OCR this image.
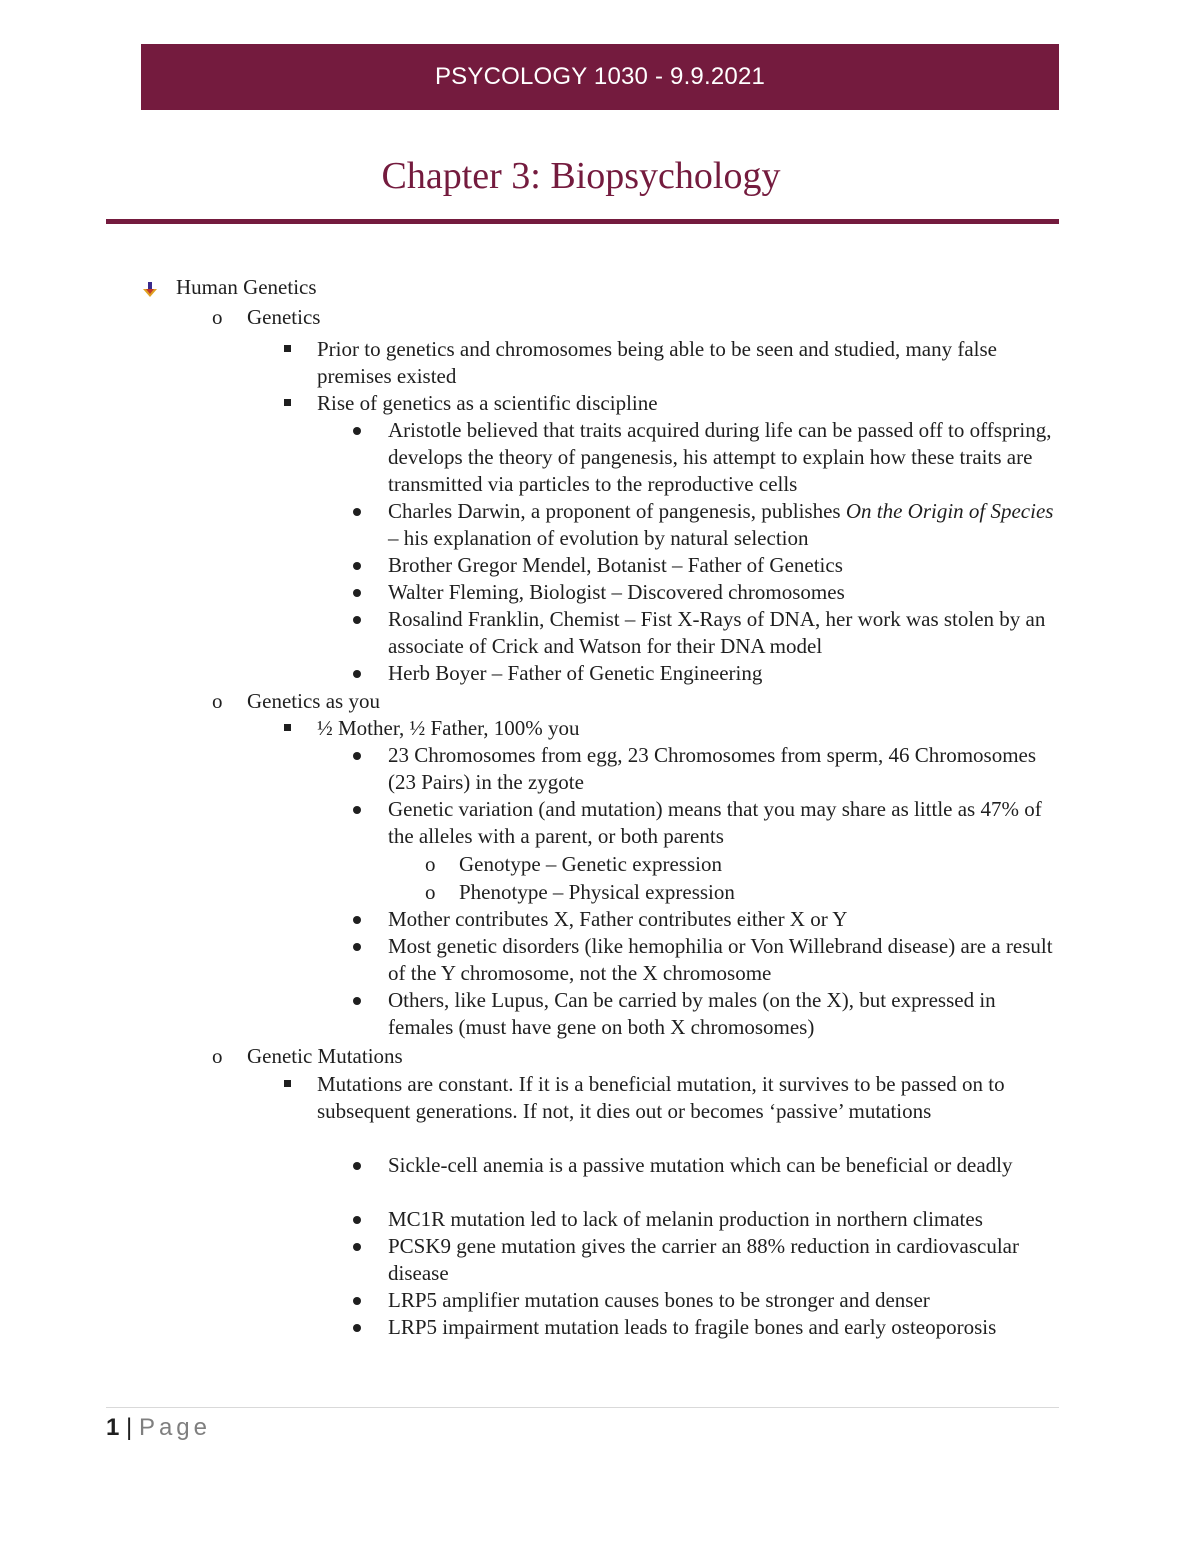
PSYCOLOGY 1030 - 9.9.2021
Chapter 3: Biopsychology
Human Genetics
o Genetics
Prior to genetics and chromosomes being able to be seen and studied, many false premises existed
Rise of genetics as a scientific discipline
Aristotle believed that traits acquired during life can be passed off to offspring, develops the theory of pangenesis, his attempt to explain how these traits are transmitted via particles to the reproductive cells
Charles Darwin, a proponent of pangenesis, publishes On the Origin of Species – his explanation of evolution by natural selection
Brother Gregor Mendel, Botanist – Father of Genetics
Walter Fleming, Biologist – Discovered chromosomes
Rosalind Franklin, Chemist – Fist X-Rays of DNA, her work was stolen by an associate of Crick and Watson for their DNA model
Herb Boyer – Father of Genetic Engineering
o Genetics as you
½ Mother, ½ Father, 100% you
23 Chromosomes from egg, 23 Chromosomes from sperm, 46 Chromosomes (23 Pairs) in the zygote
Genetic variation (and mutation) means that you may share as little as 47% of the alleles with a parent, or both parents
o Genotype – Genetic expression
o Phenotype – Physical expression
Mother contributes X, Father contributes either X or Y
Most genetic disorders (like hemophilia or Von Willebrand disease) are a result of the Y chromosome, not the X chromosome
Others, like Lupus, Can be carried by males (on the X), but expressed in females (must have gene on both X chromosomes)
o Genetic Mutations
Mutations are constant. If it is a beneficial mutation, it survives to be passed on to subsequent generations. If not, it dies out or becomes ‘passive’ mutations
Sickle-cell anemia is a passive mutation which can be beneficial or deadly
MC1R mutation led to lack of melanin production in northern climates
PCSK9 gene mutation gives the carrier an 88% reduction in cardiovascular disease
LRP5 amplifier mutation causes bones to be stronger and denser
LRP5 impairment mutation leads to fragile bones and early osteoporosis
1 | Page
